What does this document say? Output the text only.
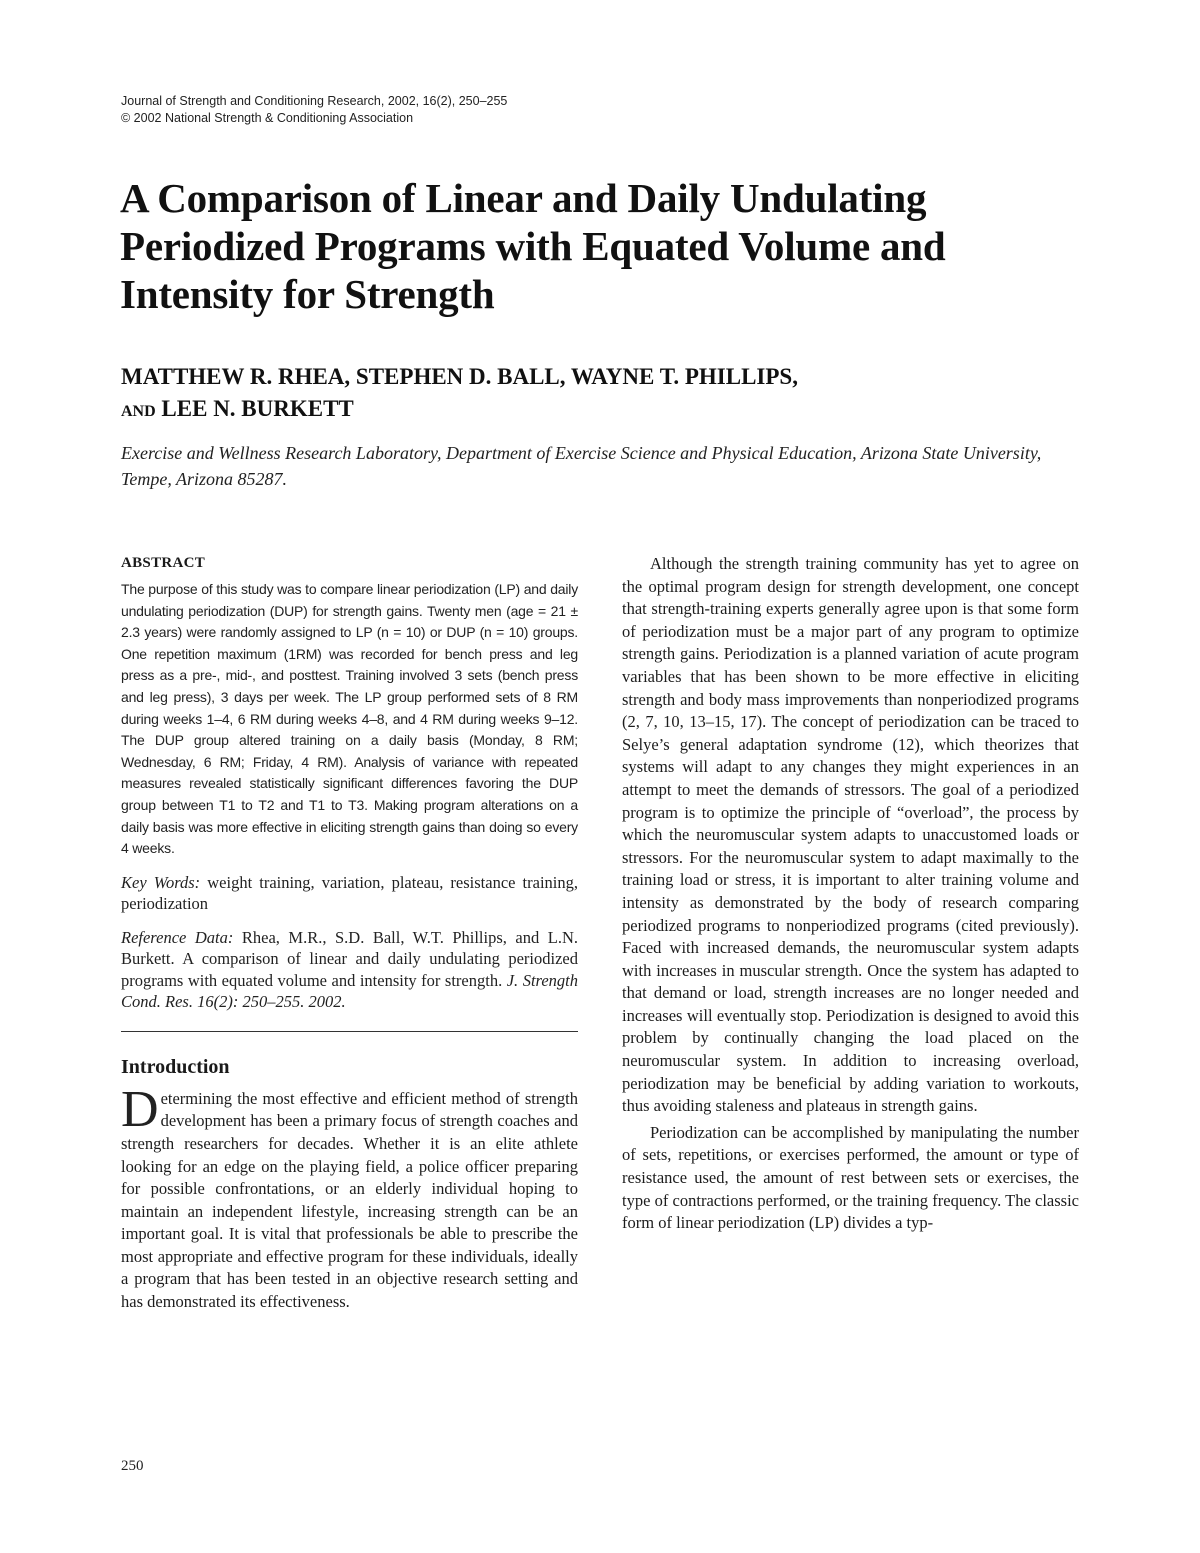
Journal of Strength and Conditioning Research, 2002, 16(2), 250–255
© 2002 National Strength & Conditioning Association
A Comparison of Linear and Daily Undulating Periodized Programs with Equated Volume and Intensity for Strength
MATTHEW R. RHEA, STEPHEN D. BALL, WAYNE T. PHILLIPS,
and LEE N. BURKETT
Exercise and Wellness Research Laboratory, Department of Exercise Science and Physical Education, Arizona State University, Tempe, Arizona 85287.
ABSTRACT

The purpose of this study was to compare linear periodization (LP) and daily undulating periodization (DUP) for strength gains. Twenty men (age = 21 ± 2.3 years) were randomly assigned to LP (n = 10) or DUP (n = 10) groups. One repetition maximum (1RM) was recorded for bench press and leg press as a pre-, mid-, and posttest. Training involved 3 sets (bench press and leg press), 3 days per week. The LP group performed sets of 8 RM during weeks 1–4, 6 RM during weeks 4–8, and 4 RM during weeks 9–12. The DUP group altered training on a daily basis (Monday, 8 RM; Wednesday, 6 RM; Friday, 4 RM). Analysis of variance with repeated measures revealed statistically significant differences favoring the DUP group between T1 to T2 and T1 to T3. Making program alterations on a daily basis was more effective in eliciting strength gains than doing so every 4 weeks.

Key Words: weight training, variation, plateau, resistance training, periodization

Reference Data: Rhea, M.R., S.D. Ball, W.T. Phillips, and L.N. Burkett. A comparison of linear and daily undulating periodized programs with equated volume and intensity for strength. J. Strength Cond. Res. 16(2): 250–255. 2002.

Introduction

Determining the most effective and efficient method of strength development has been a primary focus of strength coaches and strength researchers for decades. Whether it is an elite athlete looking for an edge on the playing field, a police officer preparing for possible confrontations, or an elderly individual hoping to maintain an independent lifestyle, increasing strength can be an important goal. It is vital that professionals be able to prescribe the most appropriate and effective program for these individuals, ideally a program that has been tested in an objective research setting and has demonstrated its effectiveness.

Although the strength training community has yet to agree on the optimal program design for strength development, one concept that strength-training experts generally agree upon is that some form of periodization must be a major part of any program to optimize strength gains. Periodization is a planned variation of acute program variables that has been shown to be more effective in eliciting strength and body mass improvements than nonperiodized programs (2, 7, 10, 13–15, 17). The concept of periodization can be traced to Selye’s general adaptation syndrome (12), which theorizes that systems will adapt to any changes they might experiences in an attempt to meet the demands of stressors. The goal of a periodized program is to optimize the principle of “overload”, the process by which the neuromuscular system adapts to unaccustomed loads or stressors. For the neuromuscular system to adapt maximally to the training load or stress, it is important to alter training volume and intensity as demonstrated by the body of research comparing periodized programs to nonperiodized programs (cited previously). Faced with increased demands, the neuromuscular system adapts with increases in muscular strength. Once the system has adapted to that demand or load, strength increases are no longer needed and increases will eventually stop. Periodization is designed to avoid this problem by continually changing the load placed on the neuromuscular system. In addition to increasing overload, periodization may be beneficial by adding variation to workouts, thus avoiding staleness and plateaus in strength gains.

Periodization can be accomplished by manipulating the number of sets, repetitions, or exercises performed, the amount or type of resistance used, the amount of rest between sets or exercises, the type of contractions performed, or the training frequency. The classic form of linear periodization (LP) divides a typ-

250
